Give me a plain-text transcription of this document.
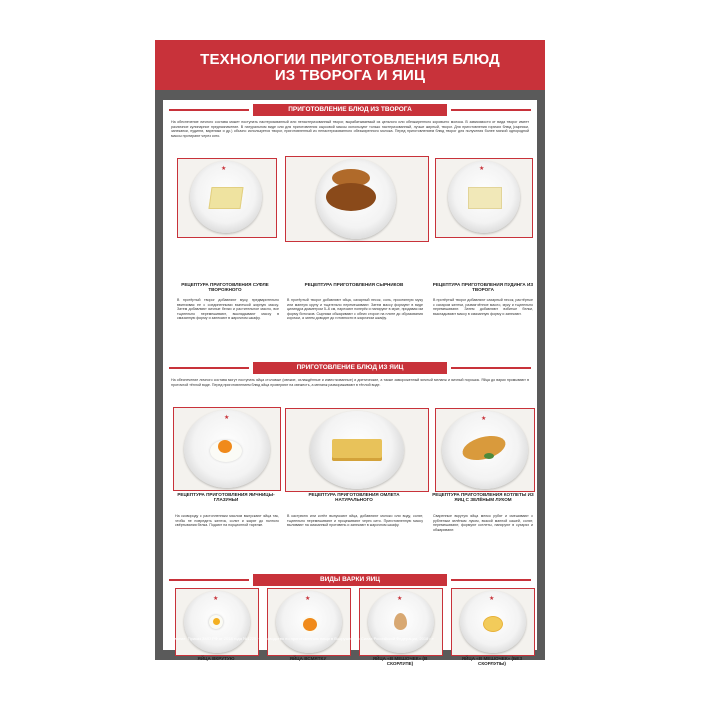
ТЕХНОЛОГИИ ПРИГОТОВЛЕНИЯ БЛЮД
ИЗ ТВОРОГА И ЯИЦ
ПРИГОТОВЛЕНИЕ БЛЮД ИЗ ТВОРОГА
На обеспечение личного состава может поступать пастеризованный или непастеризованный творог, вырабатываемый из цельного или обезжиренного коровьего молока. В зависимости от вида творог имеет различное кулинарное предназначение. В натуральном виде или для приготовления сырковой массы используют только пастеризованный, лучше жирный, творог. Для приготовления горячих блюд (сырники, запеканки, пудинги, вареники и др.) обычно используется творог, приготовленный из непастеризованного обезжиренного молока. Перед приготовлением блюд творог для получения более мягкой однородной массы протирают через сито.
★	★
РЕЦЕПТУРА ПРИГОТОВЛЕНИЯ СУФЛЕ ТВОРОЖНОГО
РЕЦЕПТУРА ПРИГОТОВЛЕНИЯ СЫРНИКОВ	РЕЦЕПТУРА ПРИГОТОВЛЕНИЯ ПУДИНГА ИЗ ТВОРОГА
В протёртый творог добавляют муку, предварительно ввинчивая ее с соединенными выпечкой жирную массу. Затем добавляют яичные белки и растительное масло, все тщательно перемешивают, выкладывают массу в смазанную форму и запекают в жарочном шкафу.
В протёртый творог добавляют яйца, сахарный песок, соль, просеянную муку или манную крупу и тщательно перемешивают. Затем массу формуют в виде цилиндра диаметром 5–6 см, нарезают поперёк и панируют в муке, придавая им форму биточков. Сырники обжаривают с обеих сторон на плите до образования корочки, а затем доводят до готовности в жарочном шкафу.
В протёртый творог добавляют сахарный песок, растёртые с сахаром желтки, размягчённое масло, муку и тщательно перемешивают. Затем добавляют взбитые белки, выкладывают массу в смазанную форму и запекают.
ПРИГОТОВЛЕНИЕ БЛЮД ИЗ ЯИЦ
На обеспечение личного состава могут поступать яйца столовые (свежие, охлаждённые и известкованные) и диетические, а также замороженный яичный меланж и яичный порошок. Яйца до варки промывают в проточной тёплой воде. Перед приготовлением блюд яйца проверяют на свежесть, а меланж размораживают в тёплой воде.
★	★
РЕЦЕПТУРА ПРИГОТОВЛЕНИЯ ЯИЧНИЦЫ-ГЛАЗУНЬИ
РЕЦЕПТУРА ПРИГОТОВЛЕНИЯ ОМЛЕТА НАТУРАЛЬНОГО
РЕЦЕПТУРА ПРИГОТОВЛЕНИЯ КОТЛЕТЫ ИЗ ЯИЦ С ЗЕЛЁНЫМ ЛУКОМ
На сковороду с растопленным маслом выпускают яйца так, чтобы не повредить желток, солят и жарят до полного свёртывания белка. Подают на порционной тарелке.
В кастрюлю или котёл выпускают яйца, добавляют молоко или воду, солят, тщательно перемешивают и процеживают через сито. Приготовленную массу выливают на смазанный противень и запекают в жарочном шкафу.
Сваренные вкрутую яйца мелко рубят и смешивают с рубленым зелёным луком, вязкой манной кашей, солят, перемешивают, формуют котлеты, панируют в сухарях и обжаривают.
ВИДЫ ВАРКИ ЯИЦ
★	★	★	★
ЯЙЦА ВКРУТУЮ	ЯЙЦА ВСМЯТКУ	ЯЙЦА «В МЕШОЧЕК» (В СКОРЛУПЕ)
ЯЙЦА «В МЕШОЧЕК» (БЕЗ СКОРЛУПЫ)
Основание: Приказ ЗМО РФ от 2018 года №1225, «Руководство по приготовлению пищи в Вооруженных Силах Российской Федерации, 2018 г.»
